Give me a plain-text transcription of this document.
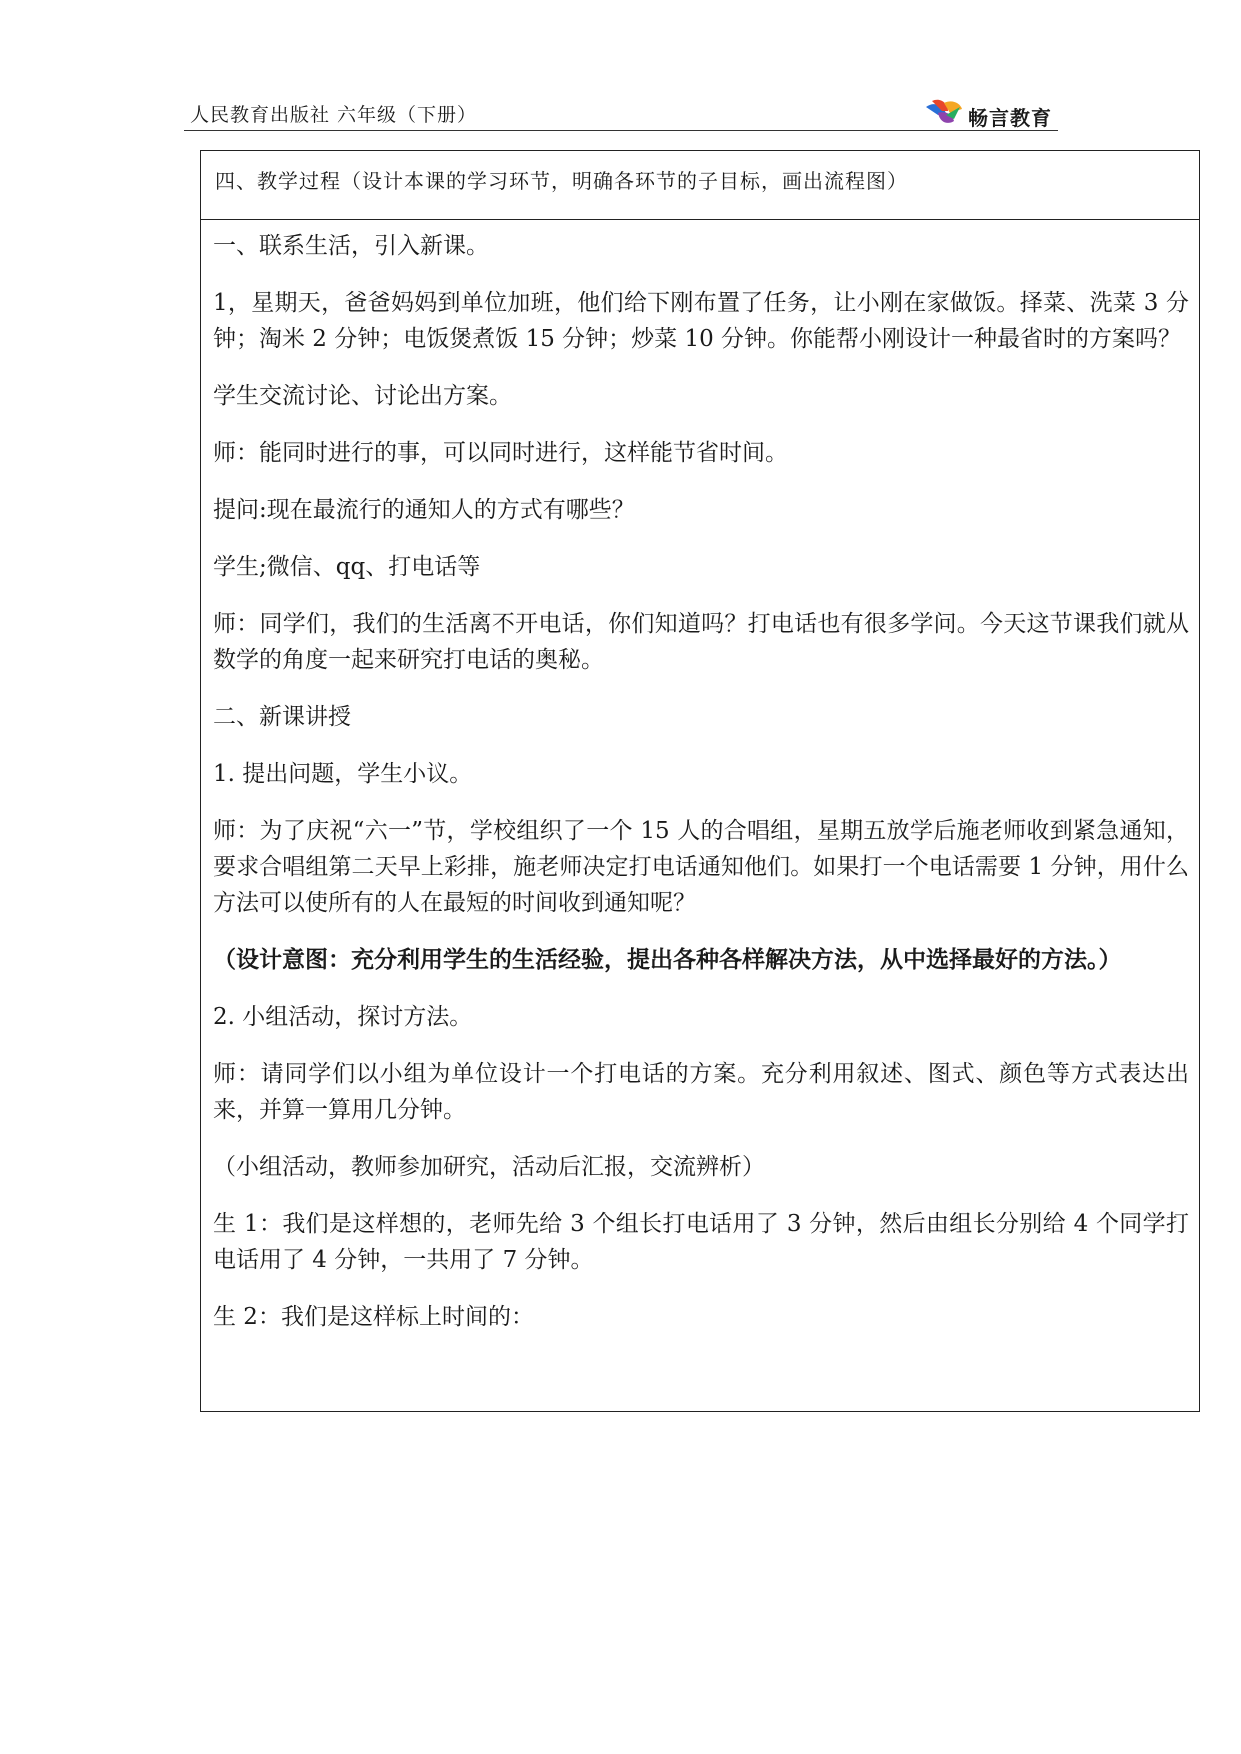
人民教育出版社 六年级（下册）	畅言教育
四、教学过程（设计本课的学习环节，明确各环节的子目标，画出流程图）

一、联系生活，引入新课。

1，星期天，爸爸妈妈到单位加班，他们给下刚布置了任务，让小刚在家做饭。择菜、洗菜 3 分钟；淘米 2 分钟；电饭煲煮饭 15 分钟；炒菜 10 分钟。你能帮小刚设计一种最省时的方案吗？

学生交流讨论、讨论出方案。

师：能同时进行的事，可以同时进行，这样能节省时间。

提问:现在最流行的通知人的方式有哪些？

学生;微信、qq、打电话等

师：同学们，我们的生活离不开电话，你们知道吗？打电话也有很多学问。今天这节课我们就从数学的角度一起来研究打电话的奥秘。

二、新课讲授

1. 提出问题，学生小议。

师：为了庆祝“六一”节，学校组织了一个 15 人的合唱组，星期五放学后施老师收到紧急通知，要求合唱组第二天早上彩排，施老师决定打电话通知他们。如果打一个电话需要 1 分钟，用什么方法可以使所有的人在最短的时间收到通知呢？

（设计意图：充分利用学生的生活经验，提出各种各样解决方法，从中选择最好的方法。）

2. 小组活动，探讨方法。

师：请同学们以小组为单位设计一个打电话的方案。充分利用叙述、图式、颜色等方式表达出来，并算一算用几分钟。

（小组活动，教师参加研究，活动后汇报，交流辨析）

生 1：我们是这样想的，老师先给 3 个组长打电话用了 3 分钟，然后由组长分别给 4 个同学打电话用了 4 分钟，一共用了 7 分钟。

生 2：我们是这样标上时间的：
